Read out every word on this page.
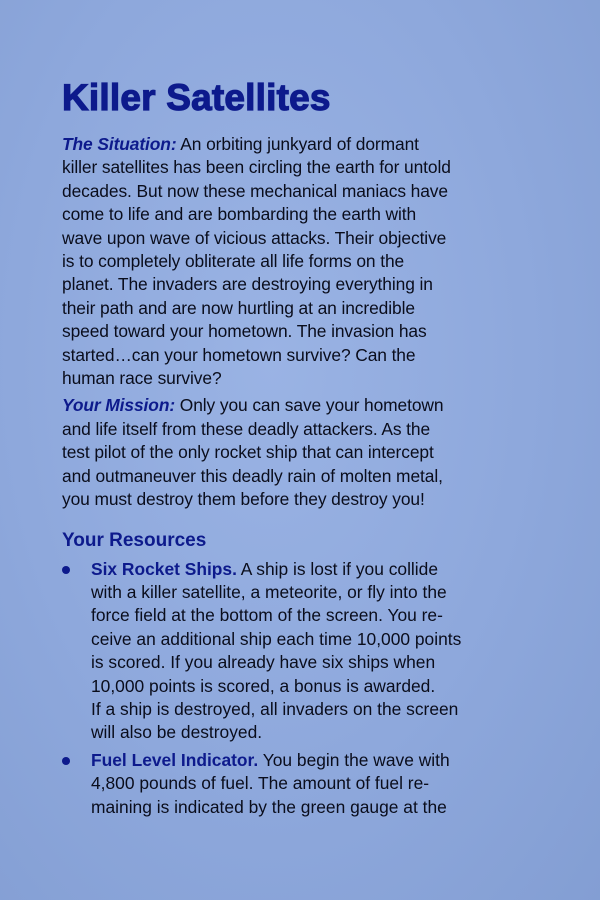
Killer Satellites

The Situation: An orbiting junkyard of dormant
killer satellites has been circling the earth for untold
decades. But now these mechanical maniacs have
come to life and are bombarding the earth with
wave upon wave of vicious attacks. Their objective
is to completely obliterate all life forms on the
planet. The invaders are destroying everything in
their path and are now hurtling at an incredible
speed toward your hometown. The invasion has
started…can your hometown survive? Can the
human race survive?

Your Mission: Only you can save your hometown
and life itself from these deadly attackers. As the
test pilot of the only rocket ship that can intercept
and outmaneuver this deadly rain of molten metal,
you must destroy them before they destroy you!

Your Resources
Six Rocket Ships. A ship is lost if you collide
with a killer satellite, a meteorite, or fly into the
force field at the bottom of the screen. You re-
ceive an additional ship each time 10,000 points
is scored. If you already have six ships when
10,000 points is scored, a bonus is awarded.
If a ship is destroyed, all invaders on the screen
will also be destroyed.
Fuel Level Indicator. You begin the wave with
4,800 pounds of fuel. The amount of fuel re-
maining is indicated by the green gauge at the
